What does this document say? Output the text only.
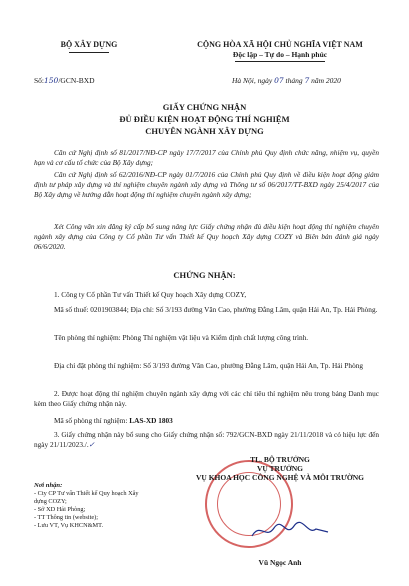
BỘ XÂY DỰNG	CỘNG HÒA XÃ HỘI CHỦ NGHĨA VIỆT NAM
Độc lập – Tự do – Hạnh phúc
Số:150/GCN-BXD	Hà Nội, ngày 07 tháng 7 năm 2020
GIẤY CHỨNG NHẬN
ĐỦ ĐIỀU KIỆN HOẠT ĐỘNG THÍ NGHIỆM
CHUYÊN NGÀNH XÂY DỰNG
Căn cứ Nghị định số 81/2017/NĐ-CP ngày 17/7/2017 của Chính phủ Quy định chức năng, nhiệm vụ, quyền hạn và cơ cấu tổ chức của Bộ Xây dựng;
Căn cứ Nghị định số 62/2016/NĐ-CP ngày 01/7/2016 của Chính phủ Quy định về điều kiện hoạt động giám định tư pháp xây dựng và thí nghiệm chuyên ngành xây dựng và Thông tư số 06/2017/TT-BXD ngày 25/4/2017 của Bộ Xây dựng về hướng dẫn hoạt động thí nghiệm chuyên ngành xây dựng;
Xét Công văn xin đăng ký cấp bổ sung nâng lực Giấy chứng nhận đủ điều kiện hoạt động thí nghiệm chuyên ngành xây dựng của Công ty Cổ phần Tư vấn Thiết kế Quy hoạch Xây dựng COZY và Biên bản đánh giá ngày 06/6/2020.
CHỨNG NHẬN:
1. Công ty Cổ phần Tư vấn Thiết kế Quy hoạch Xây dựng COZY,
Mã số thuế: 0201903844; Địa chỉ: Số 3/193 đường Văn Cao, phường Đằng Lâm, quận Hải An, Tp. Hải Phòng.
Tên phòng thí nghiệm: Phòng Thí nghiệm vật liệu và Kiểm định chất lượng công trình.
Địa chỉ đặt phòng thí nghiệm: Số 3/193 đường Văn Cao, phường Đằng Lâm, quận Hải An, Tp. Hải Phòng
2. Được hoạt động thí nghiệm chuyên ngành xây dựng với các chỉ tiêu thí nghiệm nêu trong bảng Danh mục kèm theo Giấy chứng nhận này.
Mã số phòng thí nghiệm: LAS-XD 1803
3. Giấy chứng nhận này bổ sung cho Giấy chứng nhận số: 792/GCN-BXD ngày 21/11/2018 và có hiệu lực đến ngày 21/11/2023./.✓
Nơi nhận:
- Cty CP Tư vấn Thiết kế Quy hoạch Xây dựng COZY;
- Sở XD Hải Phòng;
- TT Thông tin (website);
- Lưu VT, Vụ KHCN&MT.
TL. BỘ TRƯỞNG
VỤ TRƯỞNG
VỤ KHOA HỌC CÔNG NGHỆ VÀ MÔI TRƯỜNG
Vũ Ngọc Anh
